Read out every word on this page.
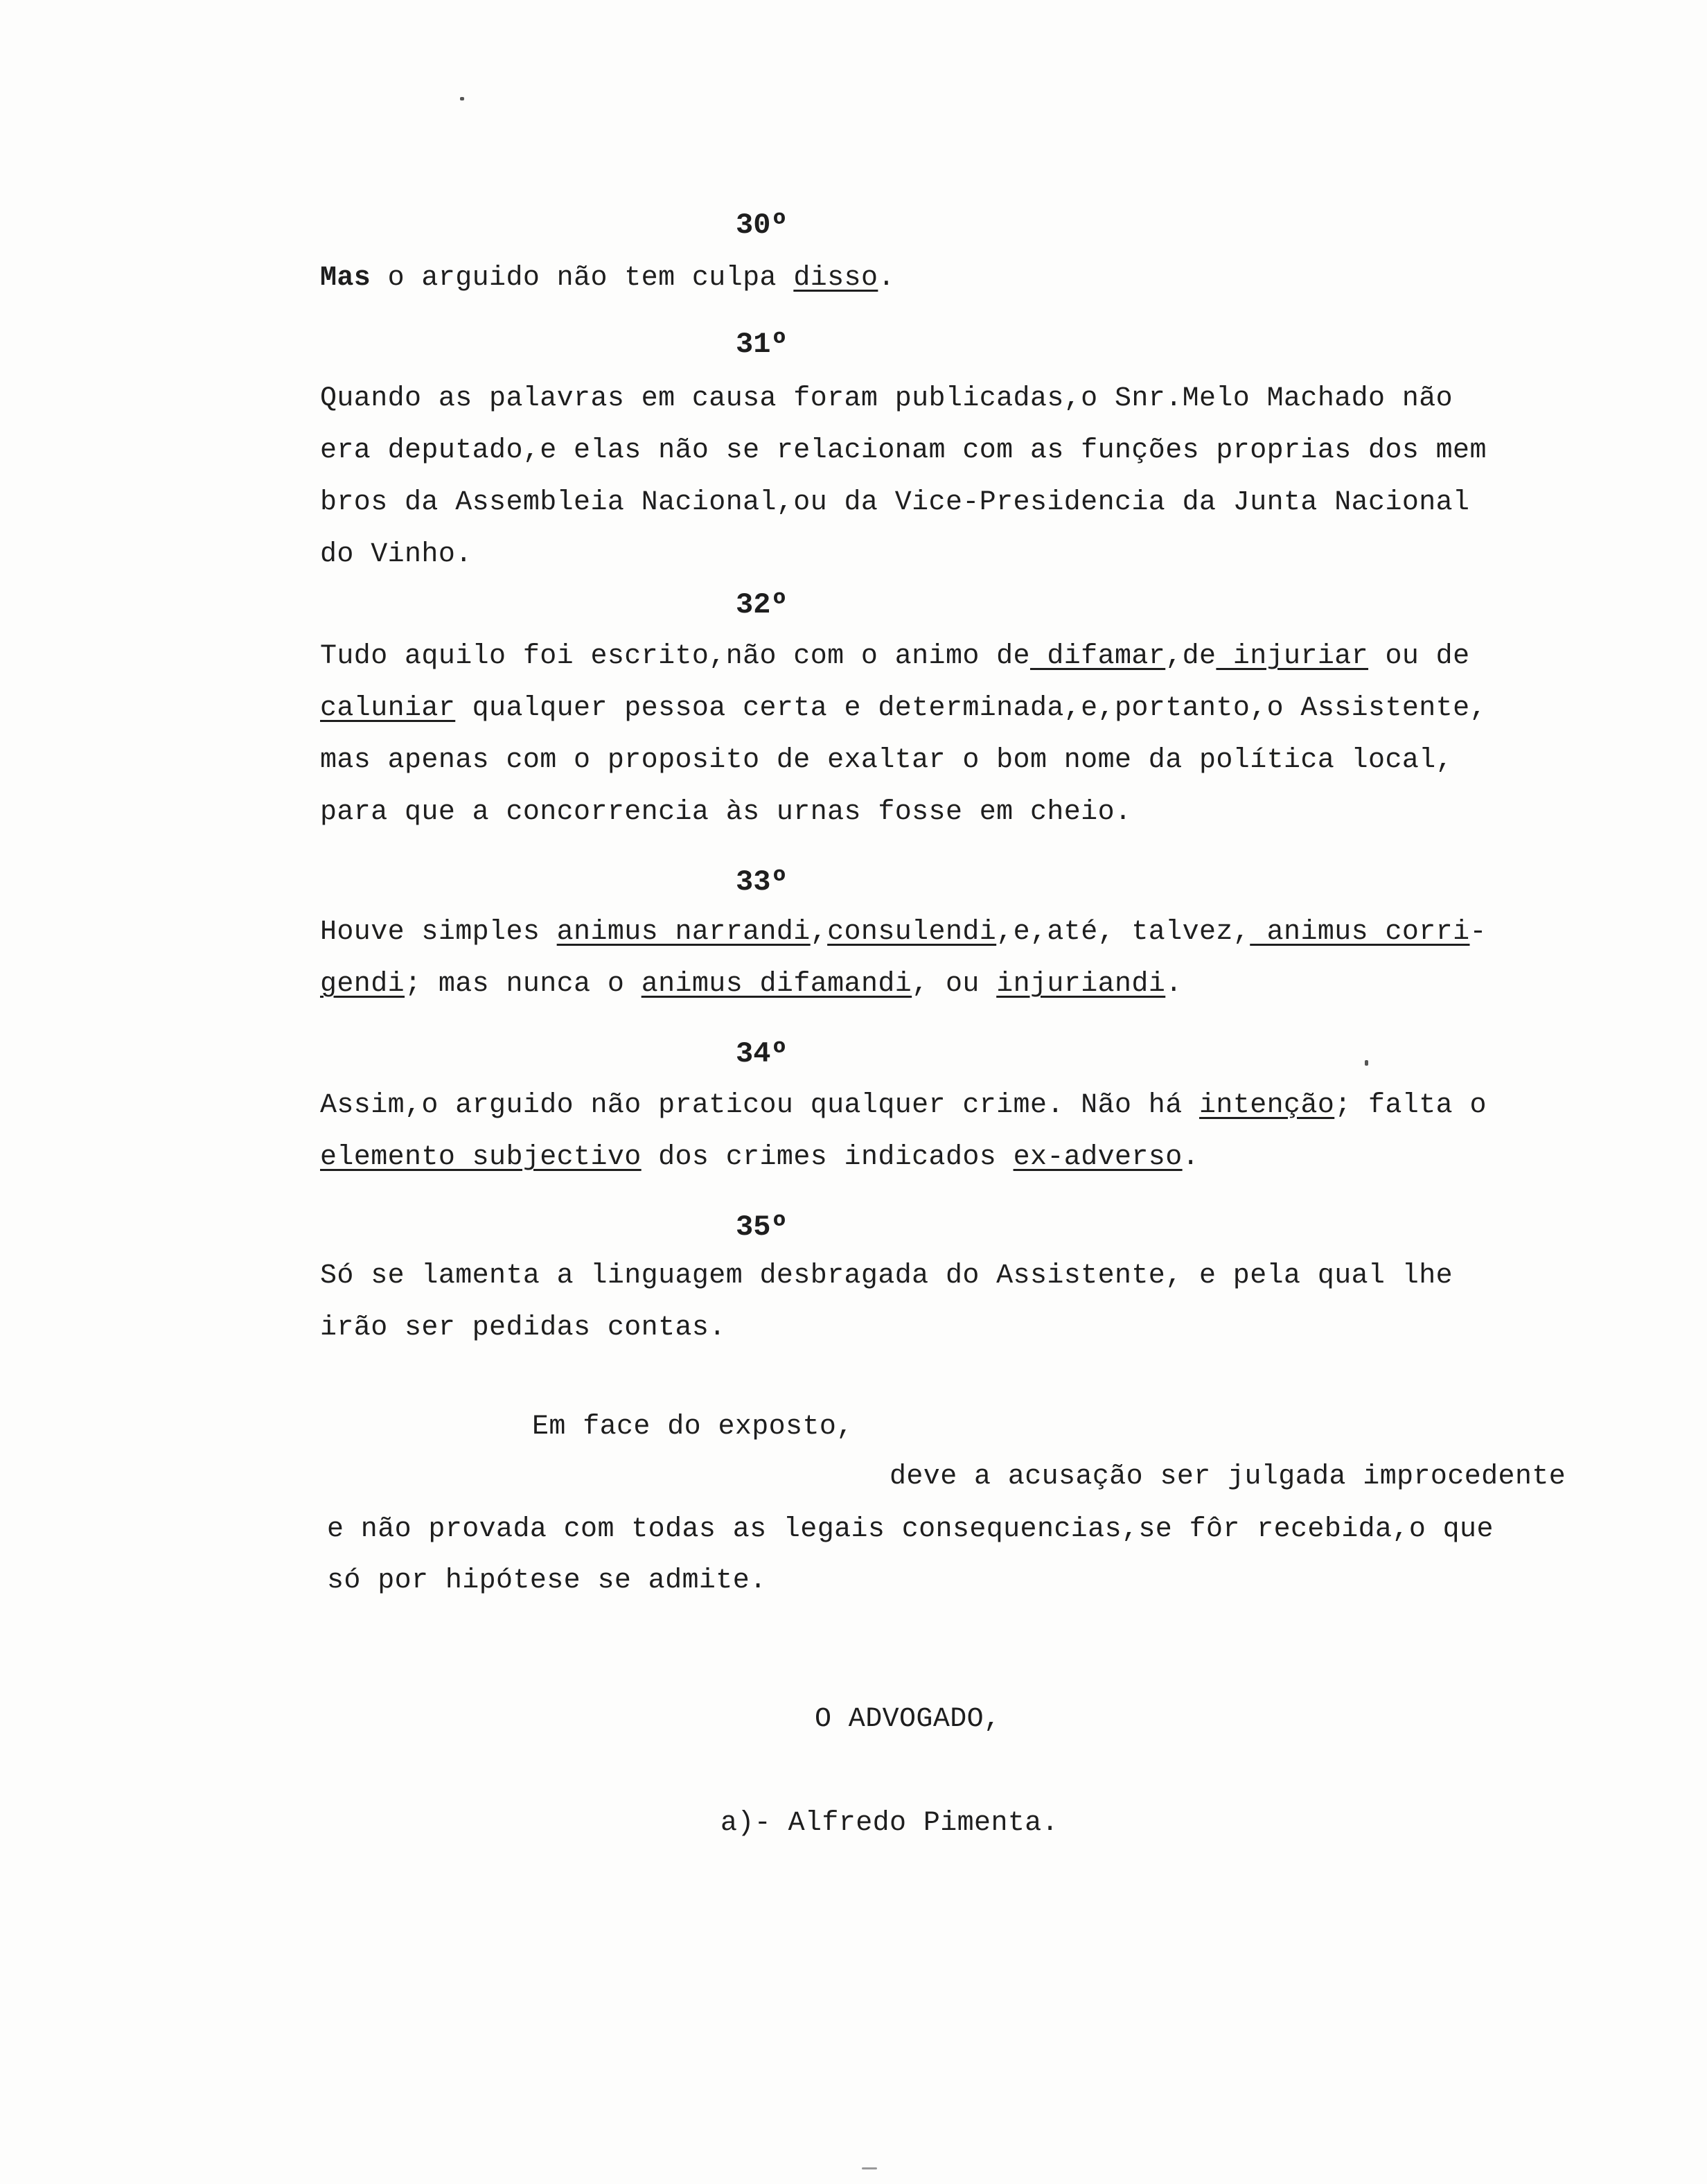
30º
Mas o arguido não tem culpa disso.
31º
Quando as palavras em causa foram publicadas,o Snr.Melo Machado não
era deputado,e elas não se relacionam com as funções proprias dos mem
bros da Assembleia Nacional,ou da Vice-Presidencia da Junta Nacional
do Vinho.
32º
Tudo aquilo foi escrito,não com o animo de difamar,de injuriar ou de
caluniar qualquer pessoa certa e determinada,e,portanto,o Assistente,
mas apenas com o proposito de exaltar o bom nome da política local,
para que a concorrencia às urnas fosse em cheio.
33º
Houve simples animus narrandi,consulendi,e,até, talvez, animus corri-
gendi; mas nunca o animus difamandi, ou injuriandi.
34º
Assim,o arguido não praticou qualquer crime. Não há intenção; falta o
elemento subjectivo dos crimes indicados ex-adverso.
35º
Só se lamenta a linguagem desbragada do Assistente, e pela qual lhe
irão ser pedidas contas.
Em face do exposto,
deve a acusação ser julgada improcedente
e não provada com todas as legais consequencias,se fôr recebida,o que
só por hipótese se admite.
O ADVOGADO,
a)- Alfredo Pimenta.
